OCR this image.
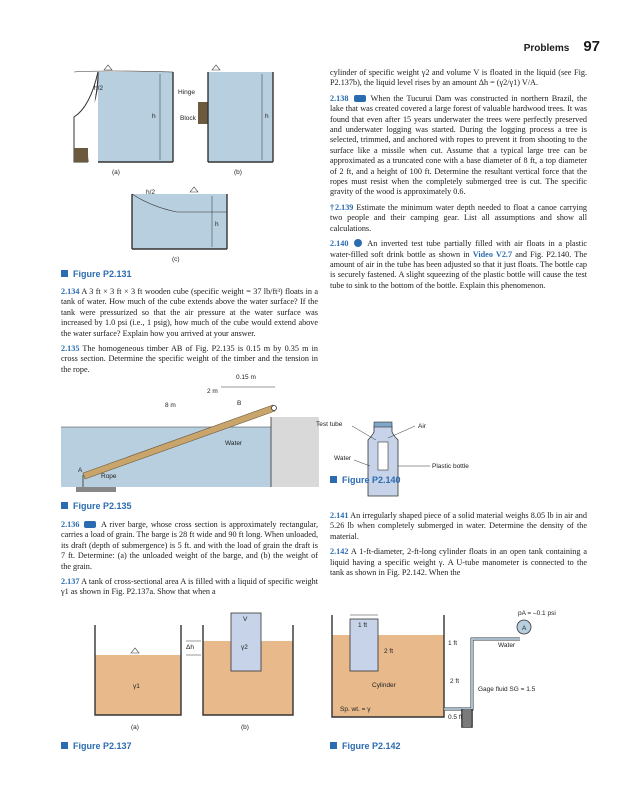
Problems 97
h
h/2
h
Hinge
Block
(a)	(b)
h
h/2
(c)
Figure P2.131

2.134 A 3 ft × 3 ft × 3 ft wooden cube (specific weight = 37 lb/ft³) floats in a tank of water. How much of the cube extends above the water surface? If the tank were pressurized so that the air pressure at the water surface was increased by 1.0 psi (i.e., 1 psig), how much of the cube would extend above the water surface? Explain how you arrived at your answer.

2.135 The homogeneous timber AB of Fig. P2.135 is 0.15 m by 0.35 m in cross section. Determine the specific weight of the timber and the tension in the rope.

0.15 m
2 m
8 m	B
A
Water
Rope
Figure P2.135

2.136	A river barge, whose cross section is approximately rectangular, carries a load of grain. The barge is 28 ft wide and 90 ft long. When unloaded, its draft (depth of submergence) is 5 ft. and with the load of grain the draft is 7 ft. Determine: (a) the unloaded weight of the barge, and (b) the weight of the grain.

2.137 A tank of cross-sectional area A is filled with a liquid of specific weight γ1 as shown in Fig. P2.137a. Show that when a

γ1
(a)
V
γ2
Δh
(b)
Figure P2.137

cylinder of specific weight γ2 and volume V is floated in the liquid (see Fig. P2.137b), the liquid level rises by an amount Δh = (γ2/γ1) V/A.

2.138	When the Tucurui Dam was constructed in northern Brazil, the lake that was created covered a large forest of valuable hardwood trees. It was found that even after 15 years underwater the trees were perfectly preserved and underwater logging was started. During the logging process a tree is selected, trimmed, and anchored with ropes to prevent it from shooting to the surface like a missile when cut. Assume that a typical large tree can be approximated as a truncated cone with a base diameter of 8 ft, a top diameter of 2 ft, and a height of 100 ft. Determine the resultant vertical force that the ropes must resist when the completely submerged tree is cut. The specific gravity of the wood is approximately 0.6.

†2.139 Estimate the minimum water depth needed to float a canoe carrying two people and their camping gear. List all assumptions and show all calculations.

2.140 An inverted test tube partially filled with air floats in a plastic water-filled soft drink bottle as shown in Video V2.7 and Fig. P2.140. The amount of air in the tube has been adjusted so that it just floats. The bottle cap is securely fastened. A slight squeezing of the plastic bottle will cause the test tube to sink to the bottom of the bottle. Explain this phenomenon.

Test tube	Air
Water
Plastic bottle
Figure P2.140

2.141 An irregularly shaped piece of a solid material weighs 8.05 lb in air and 5.26 lb when completely submerged in water. Determine the density of the material.

2.142 A 1-ft-diameter, 2-ft-long cylinder floats in an open tank containing a liquid having a specific weight γ. A U-tube manometer is connected to the tank as shown in Fig. P2.142. When the

1 ft
2 ft
Cylinder
Sp. wt. = γ
A
pA = –0.1 psi
1 ft	Water
2 ft
Gage fluid SG = 1.5
0.5 ft
Figure P2.142
